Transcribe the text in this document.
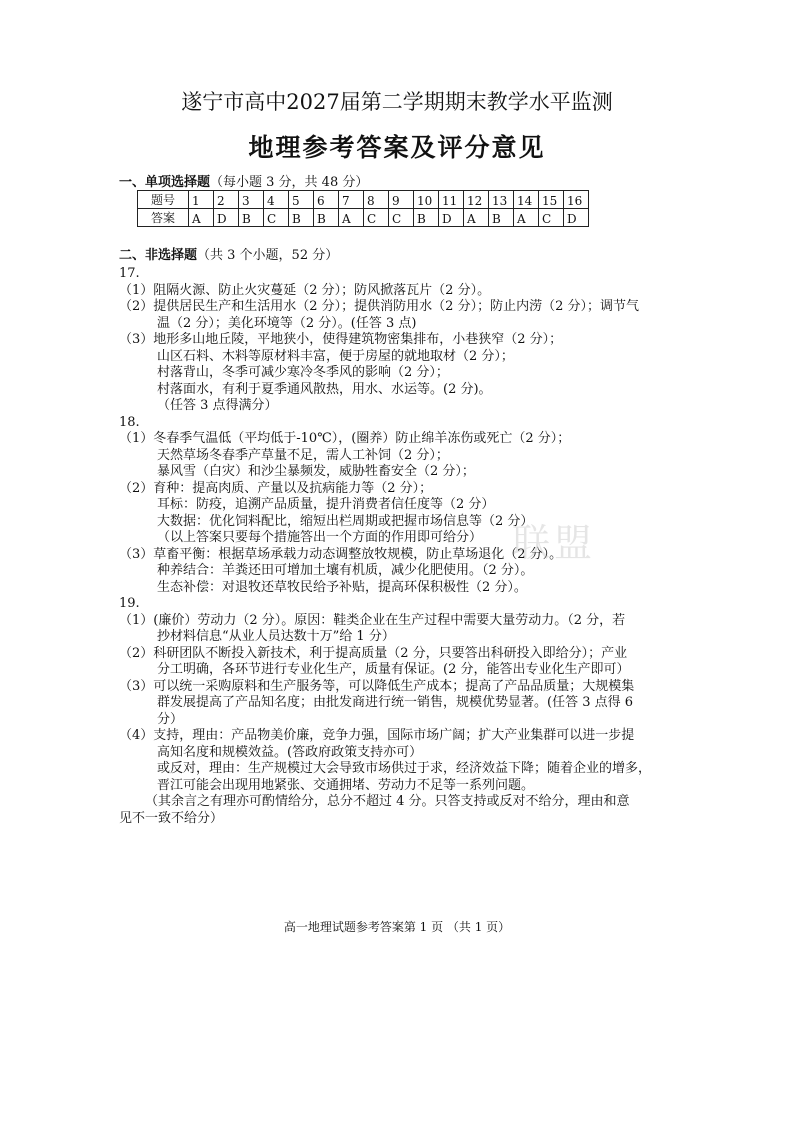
遂宁市高中2027届第二学期期末教学水平监测
地理参考答案及评分意见
一、单项选择题（每小题 3 分，共 48 分）
题号	1	2	3	4	5	6	7	8	9	10	11	12	13	14	15	16
答案	A	D	B	C	B	B	A	C	C	B	D	A	B	A	C	D
二、非选择题（共 3 个小题，52 分）
17.
（1）阻隔火源、防止火灾蔓延（2 分）；防风掀落瓦片（2 分）。
（2）提供居民生产和生活用水（2 分）；提供消防用水（2 分）；防止内涝（2 分）；调节气
温（2 分）；美化环境等（2 分）。(任答 3 点)
（3）地形多山地丘陵，平地狭小，使得建筑物密集排布，小巷狭窄（2 分）；
山区石料、木料等原材料丰富，便于房屋的就地取材（2 分）；
村落背山，冬季可减少寒冷冬季风的影响（2 分）；
村落面水，有利于夏季通风散热，用水、水运等。(2 分)。
（任答 3 点得满分）
18.
（1）冬春季气温低（平均低于-10℃），(圈养）防止绵羊冻伤或死亡（2 分）；
天然草场冬春季产草量不足，需人工补饲（2 分）；
暴风雪（白灾）和沙尘暴频发，威胁牲畜安全（2 分）；
（2）育种：提高肉质、产量以及抗病能力等（2 分）；
耳标：防疫，追溯产品质量，提升消费者信任度等（2 分）
大数据：优化饲料配比，缩短出栏周期或把握市场信息等（2 分）
（以上答案只要每个措施答出一个方面的作用即可给分）
（3）草畜平衡：根据草场承载力动态调整放牧规模，防止草场退化（2 分）。
种养结合：羊粪还田可增加土壤有机质，减少化肥使用。（2 分）。
生态补偿：对退牧还草牧民给予补贴，提高环保积极性（2 分）。
19.
（1）(廉价）劳动力（2 分）。原因：鞋类企业在生产过程中需要大量劳动力。（2 分，若
抄材料信息“从业人员达数十万”给 1 分）
（2）科研团队不断投入新技术，利于提高质量（2 分，只要答出科研投入即给分）；产业
分工明确，各环节进行专业化生产，质量有保证。(2 分，能答出专业化生产即可）
（3）可以统一采购原料和生产服务等，可以降低生产成本；提高了产品品质量；大规模集
群发展提高了产品知名度；由批发商进行统一销售，规模优势显著。(任答 3 点得 6
分）
（4）支持，理由：产品物美价廉，竞争力强，国际市场广阔；扩大产业集群可以进一步提
高知名度和规模效益。(答政府政策支持亦可）
或反对，理由：生产规模过大会导致市场供过于求，经济效益下降；随着企业的增多，
晋江可能会出现用地紧张、交通拥堵、劳动力不足等一系列问题。
（其余言之有理亦可酌情给分，总分不超过 4 分。只答支持或反对不给分，理由和意
见不一致不给分）
联盟
高一地理试题参考答案第 1 页 （共 1 页）
